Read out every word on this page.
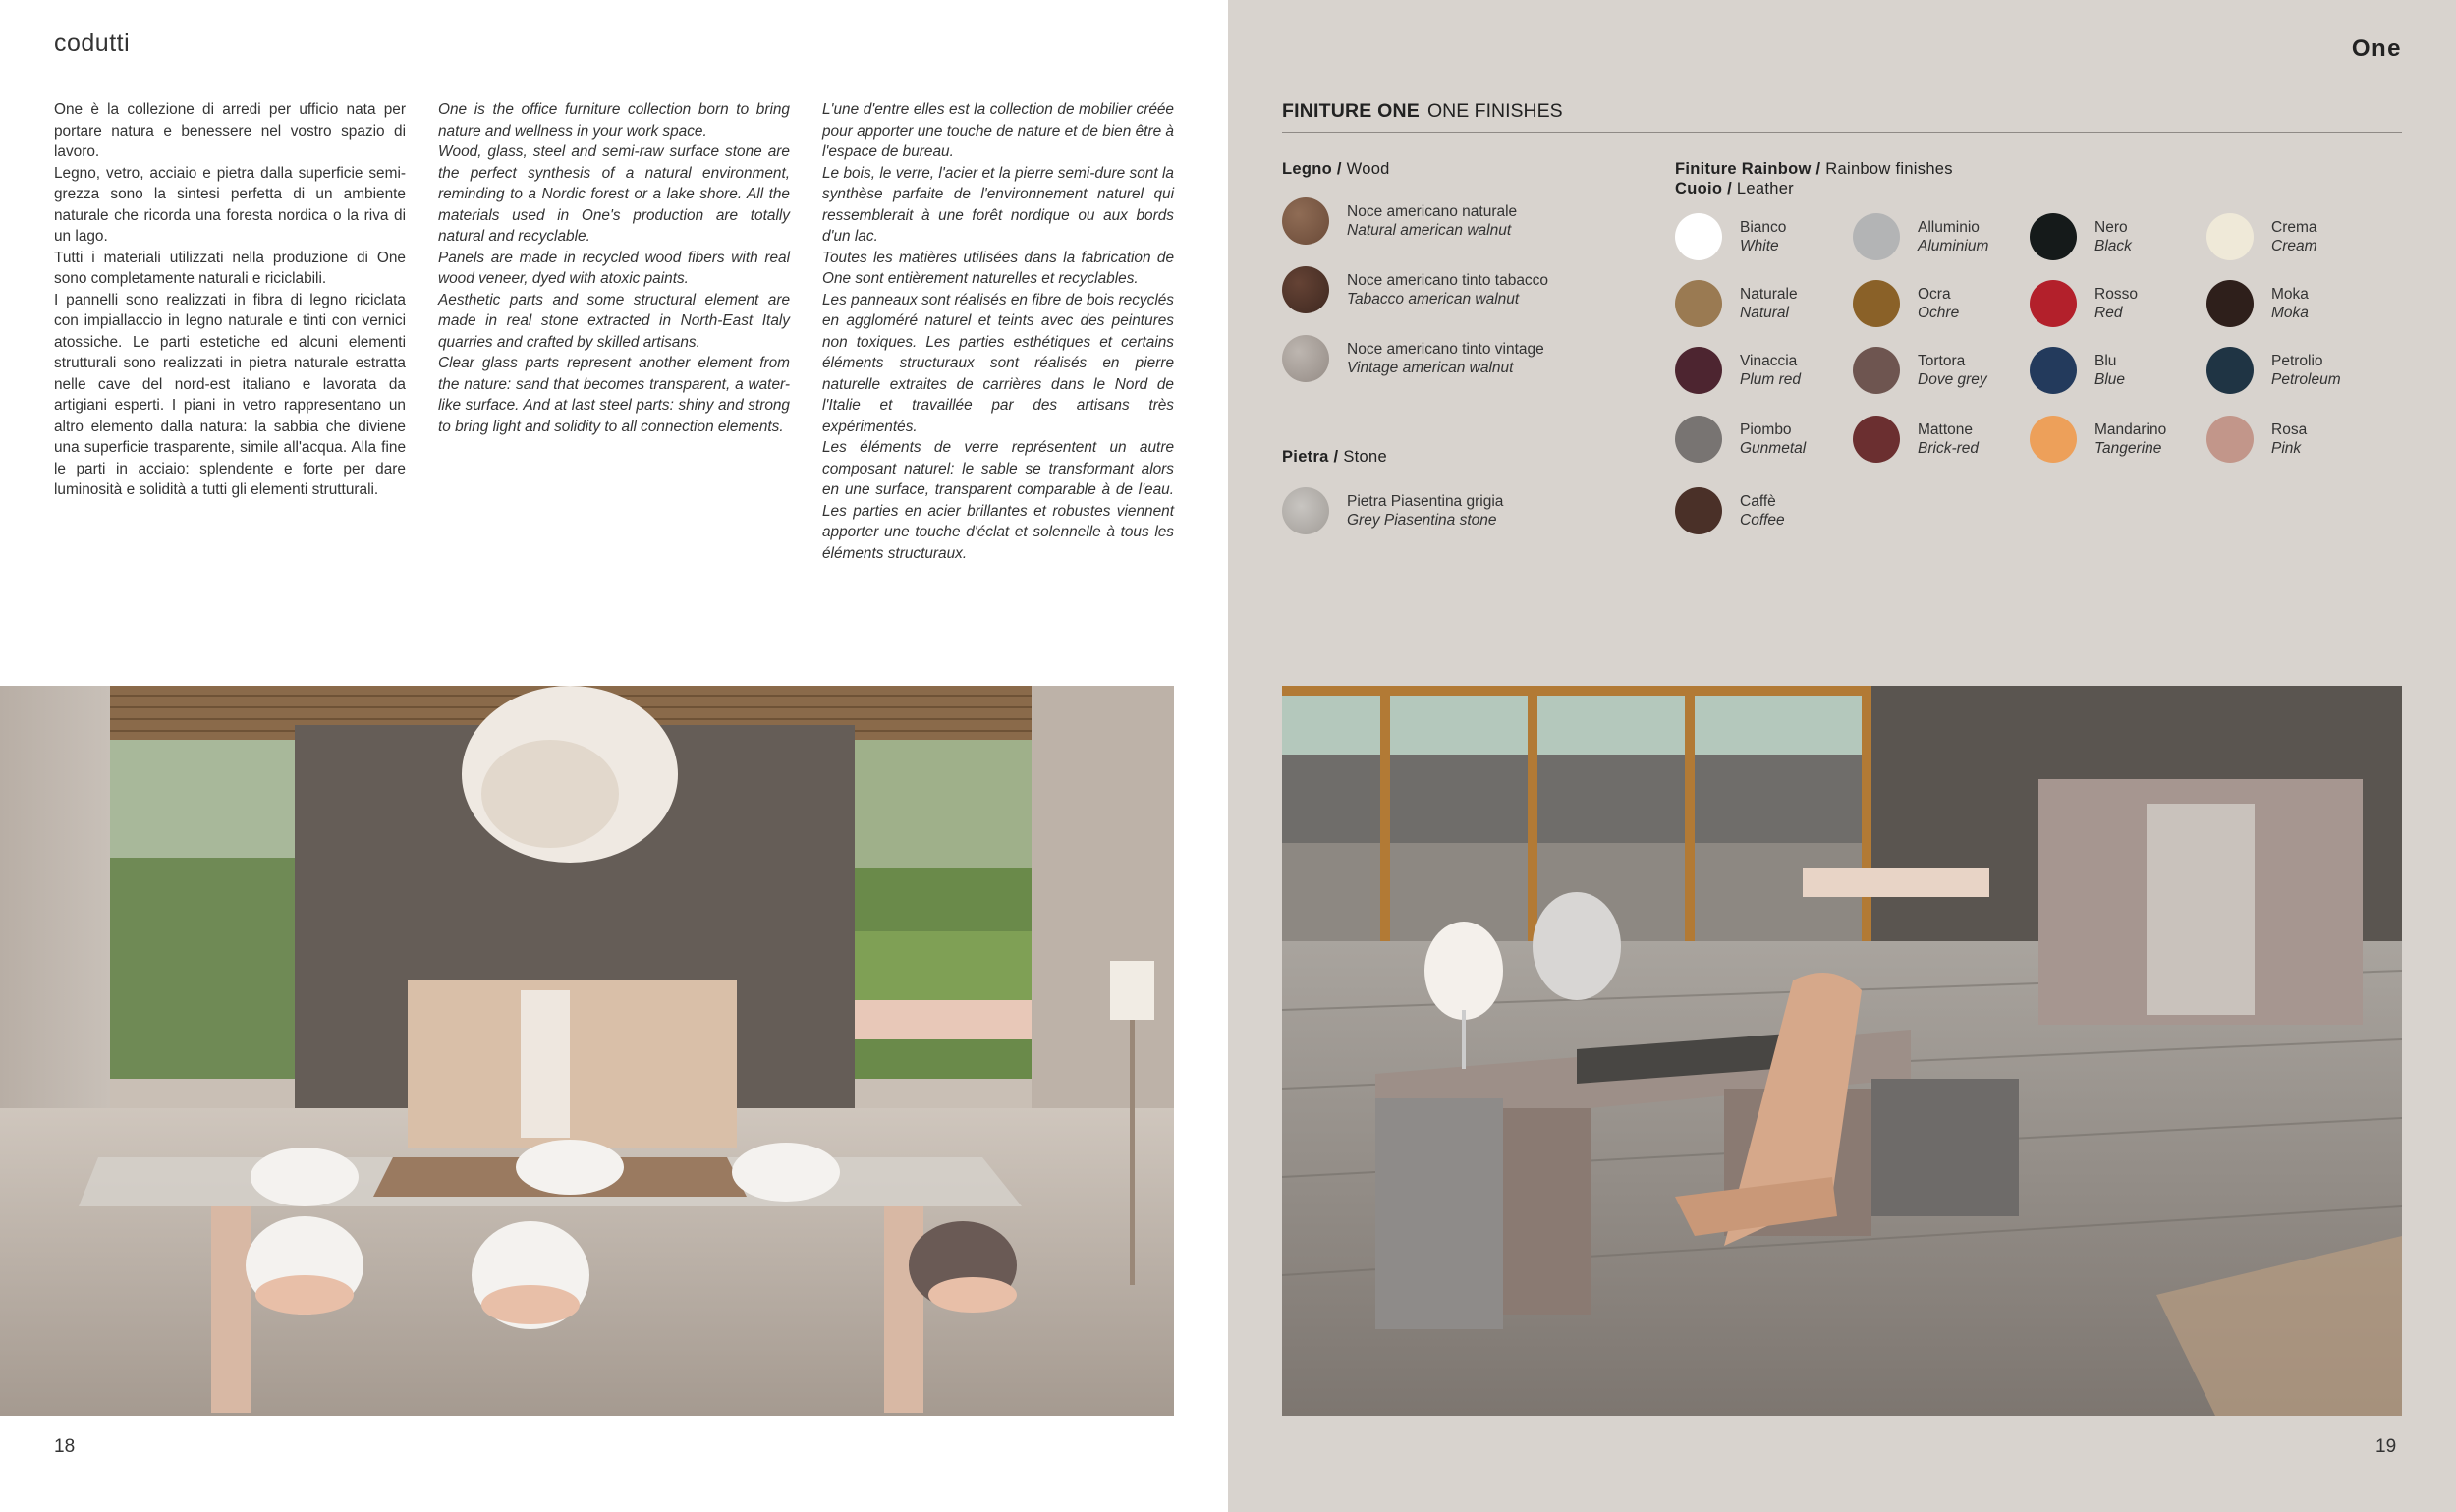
codutti

One è la collezione di arredi per ufficio nata per portare natura e benessere nel vostro spazio di lavoro.

Legno, vetro, acciaio e pietra dalla superficie semi-grezza sono la sintesi perfetta di un ambiente naturale che ricorda una foresta nordica o la riva di un lago.

Tutti i materiali utilizzati nella produzione di One sono completamente naturali e riciclabili.

I pannelli sono realizzati in fibra di legno riciclata con impiallaccio in legno naturale e tinti con vernici atossiche. Le parti estetiche ed alcuni elementi strutturali sono realizzati in pietra naturale estratta nelle cave del nord-est italiano e lavorata da artigiani esperti. I piani in vetro rappresentano un altro elemento dalla natura: la sabbia che diviene una superficie trasparente, simile all'acqua. Alla fine le parti in acciaio: splendente e forte per dare luminosità e solidità a tutti gli elementi strutturali.

One is the office furniture collection born to bring nature and wellness in your work space.

Wood, glass, steel and semi-raw surface stone are the perfect synthesis of a natural environment, reminding to a Nordic forest or a lake shore. All the materials used in One's production are totally natural and recyclable.

Panels are made in recycled wood fibers with real wood veneer, dyed with atoxic paints.

Aesthetic parts and some structural element are made in real stone extracted in North-East Italy quarries and crafted by skilled artisans.

Clear glass parts represent another element from the nature: sand that becomes transparent, a water-like surface. And at last steel parts: shiny and strong to bring light and solidity to all connection elements.

L'une d'entre elles est la collection de mobilier créée pour apporter une touche de nature et de bien être à l'espace de bureau.

Le bois, le verre, l'acier et la pierre semi-dure sont la synthèse parfaite de l'environnement naturel qui ressemblerait à une forêt nordique ou aux bords d'un lac.

Toutes les matières utilisées dans la fabrication de One sont entièrement naturelles et recyclables.

Les panneaux sont réalisés en fibre de bois recyclés en aggloméré naturel et teints avec des peintures non toxiques. Les parties esthétiques et certains éléments structuraux sont réalisés en pierre naturelle extraites de carrières dans le Nord de l'Italie et travaillée par des artisans très expérimentés.

Les éléments de verre représentent un autre composant naturel: le sable se transformant alors en une surface, transparent comparable à de l'eau. Les parties en acier brillantes et robustes viennent apporter une touche d'éclat et solennelle à tous les éléments structuraux.

18
One
FINITURE ONE ONE FINISHES
Legno / Wood
Noce americano naturale
Natural american walnut
Noce americano tinto tabacco
Tabacco american walnut
Noce americano tinto vintage
Vintage american walnut
Pietra / Stone
Pietra Piasentina grigia
Grey Piasentina stone
Finiture Rainbow / Rainbow finishes
Cuoio / Leather
Bianco
White
Alluminio
Aluminium
Nero
Black
Crema
Cream
Naturale
Natural
Ocra
Ochre
Rosso
Red
Moka
Moka
Vinaccia
Plum red
Tortora
Dove grey
Blu
Blue
Petrolio
Petroleum
Piombo
Gunmetal
Mattone
Brick-red
Mandarino
Tangerine
Rosa
Pink
Caffè
Coffee
19
